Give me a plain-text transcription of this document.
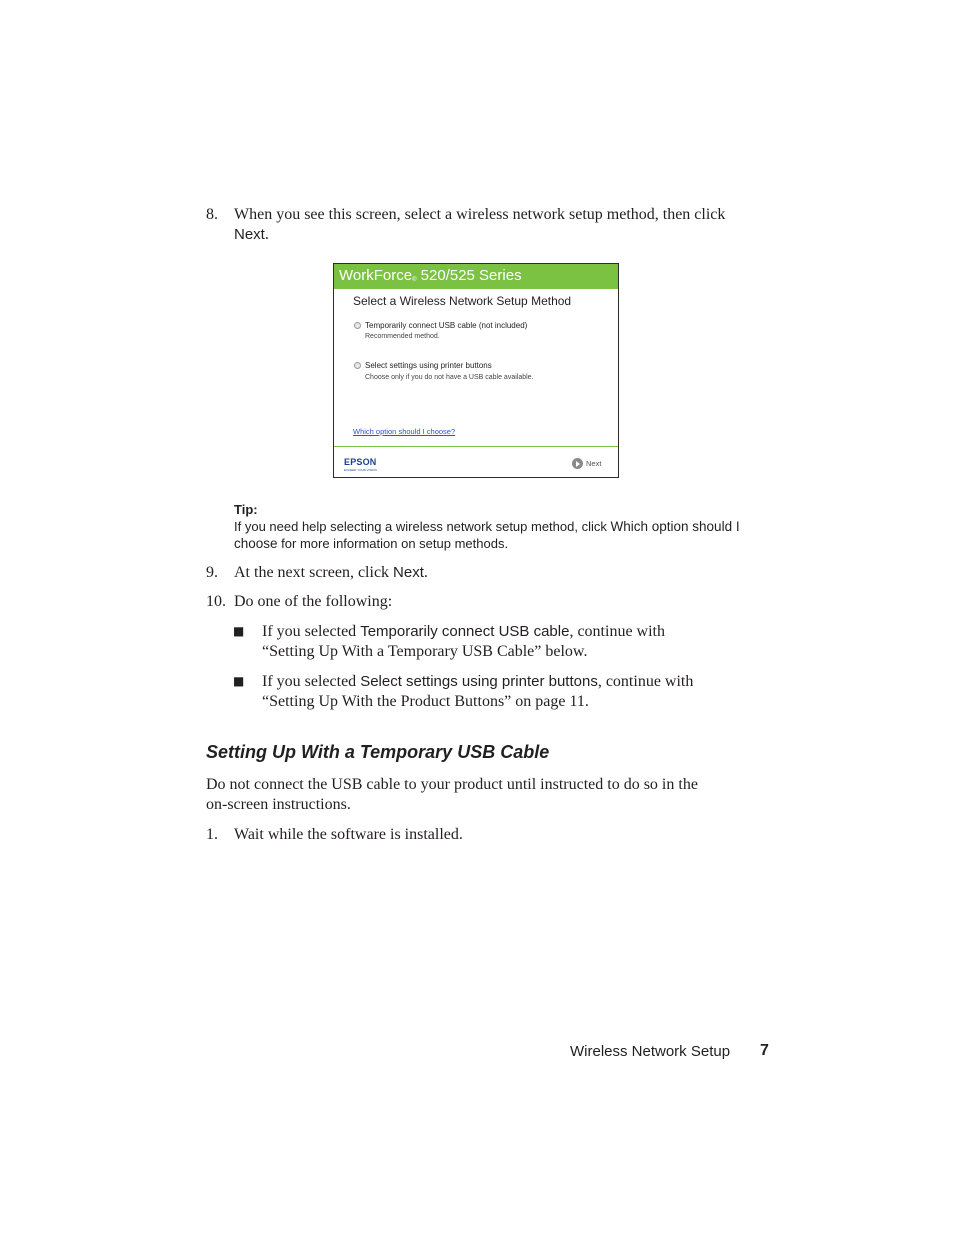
8. When you see this screen, select a wireless network setup method, then click
Next.
WorkForce® 520/525 Series
Select a Wireless Network Setup Method
Temporarily connect USB cable (not included)
Recommended method.
Select settings using printer buttons
Choose only if you do not have a USB cable available.
Which option should I choose?
EPSON
EXCEED YOUR VISION
Next
Tip:
If you need help selecting a wireless network setup method, click Which option should I choose for more information on setup methods.
9. At the next screen, click Next.
10. Do one of the following:
■ If you selected Temporarily connect USB cable, continue with
“Setting Up With a Temporary USB Cable” below.
■ If you selected Select settings using printer buttons, continue with
“Setting Up With the Product Buttons” on page 11.
Setting Up With a Temporary USB Cable
Do not connect the USB cable to your product until instructed to do so in the
on-screen instructions.
1. Wait while the software is installed.
Wireless Network Setup 7
